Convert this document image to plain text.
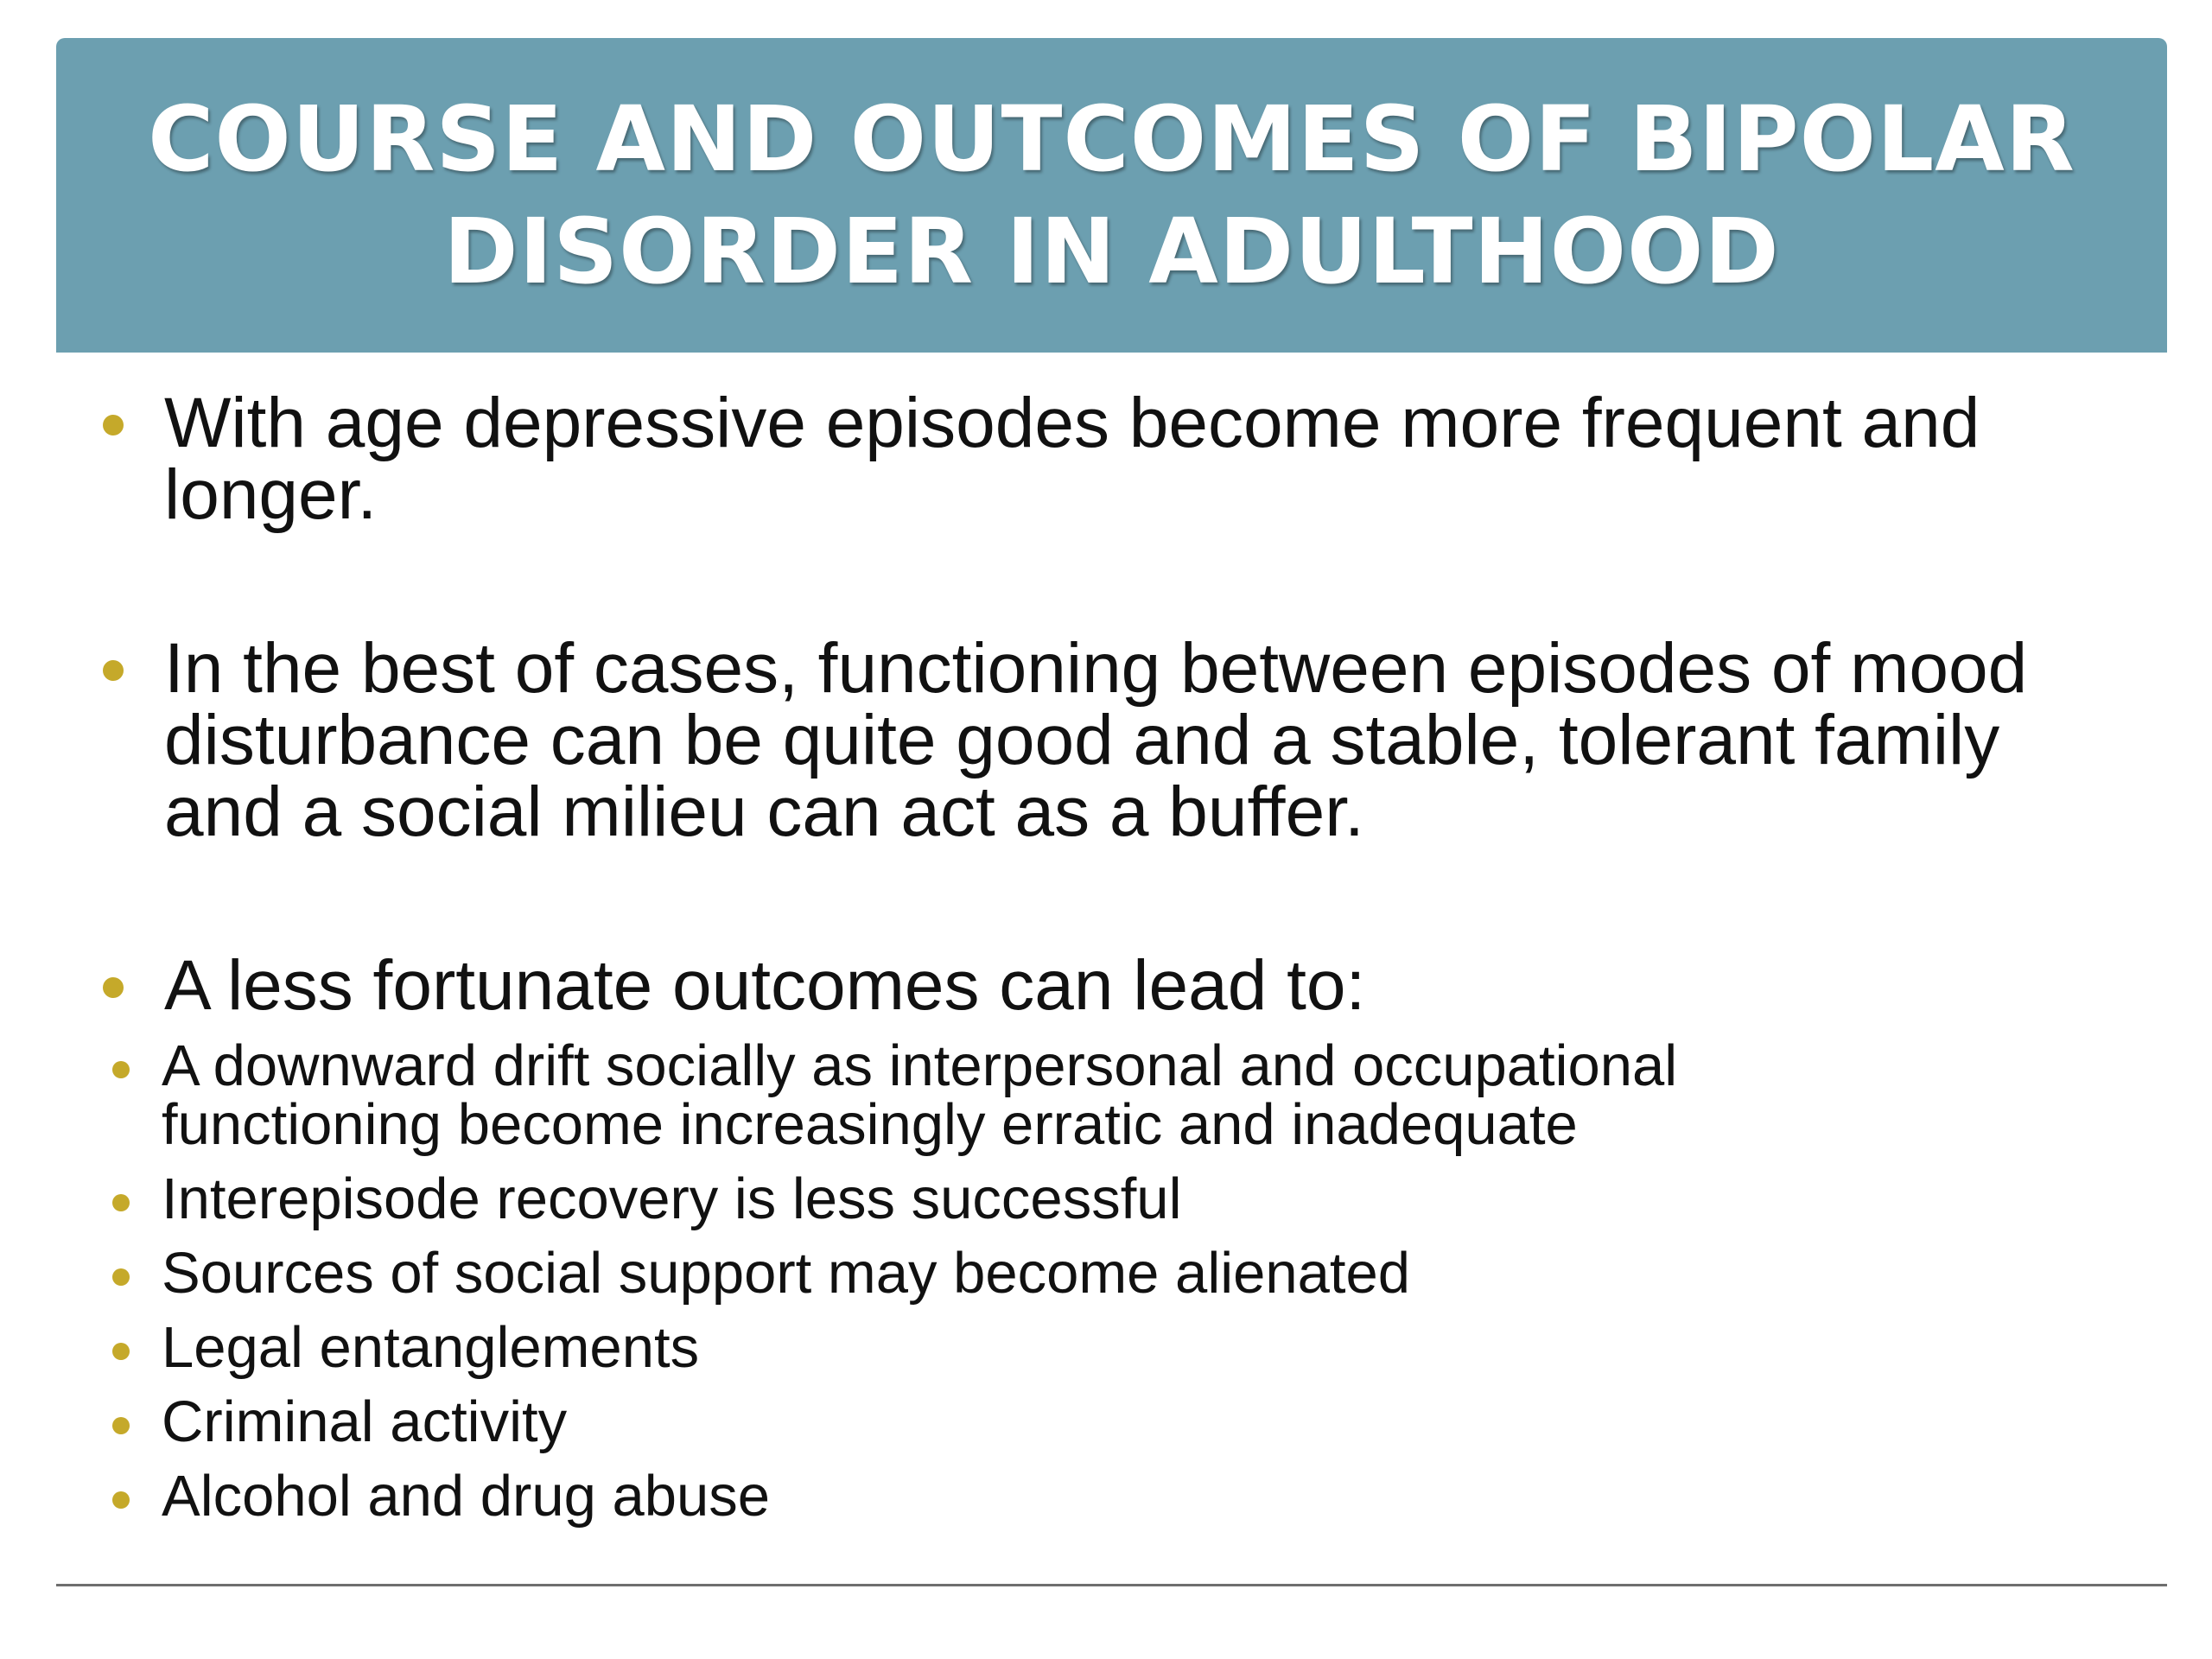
COURSE AND OUTCOMES OF BIPOLAR
DISORDER IN ADULTHOOD
With age depressive episodes become more frequent and
longer.
In the best of cases, functioning between episodes of mood
disturbance can be quite good and a stable, tolerant family
and a social milieu can act as a buffer.
A less fortunate outcomes can lead to:
A downward drift socially as interpersonal and occupational
functioning become increasingly erratic and inadequate
Interepisode recovery is less successful
Sources of social support may become alienated
Legal entanglements
Criminal activity
Alcohol and drug abuse
